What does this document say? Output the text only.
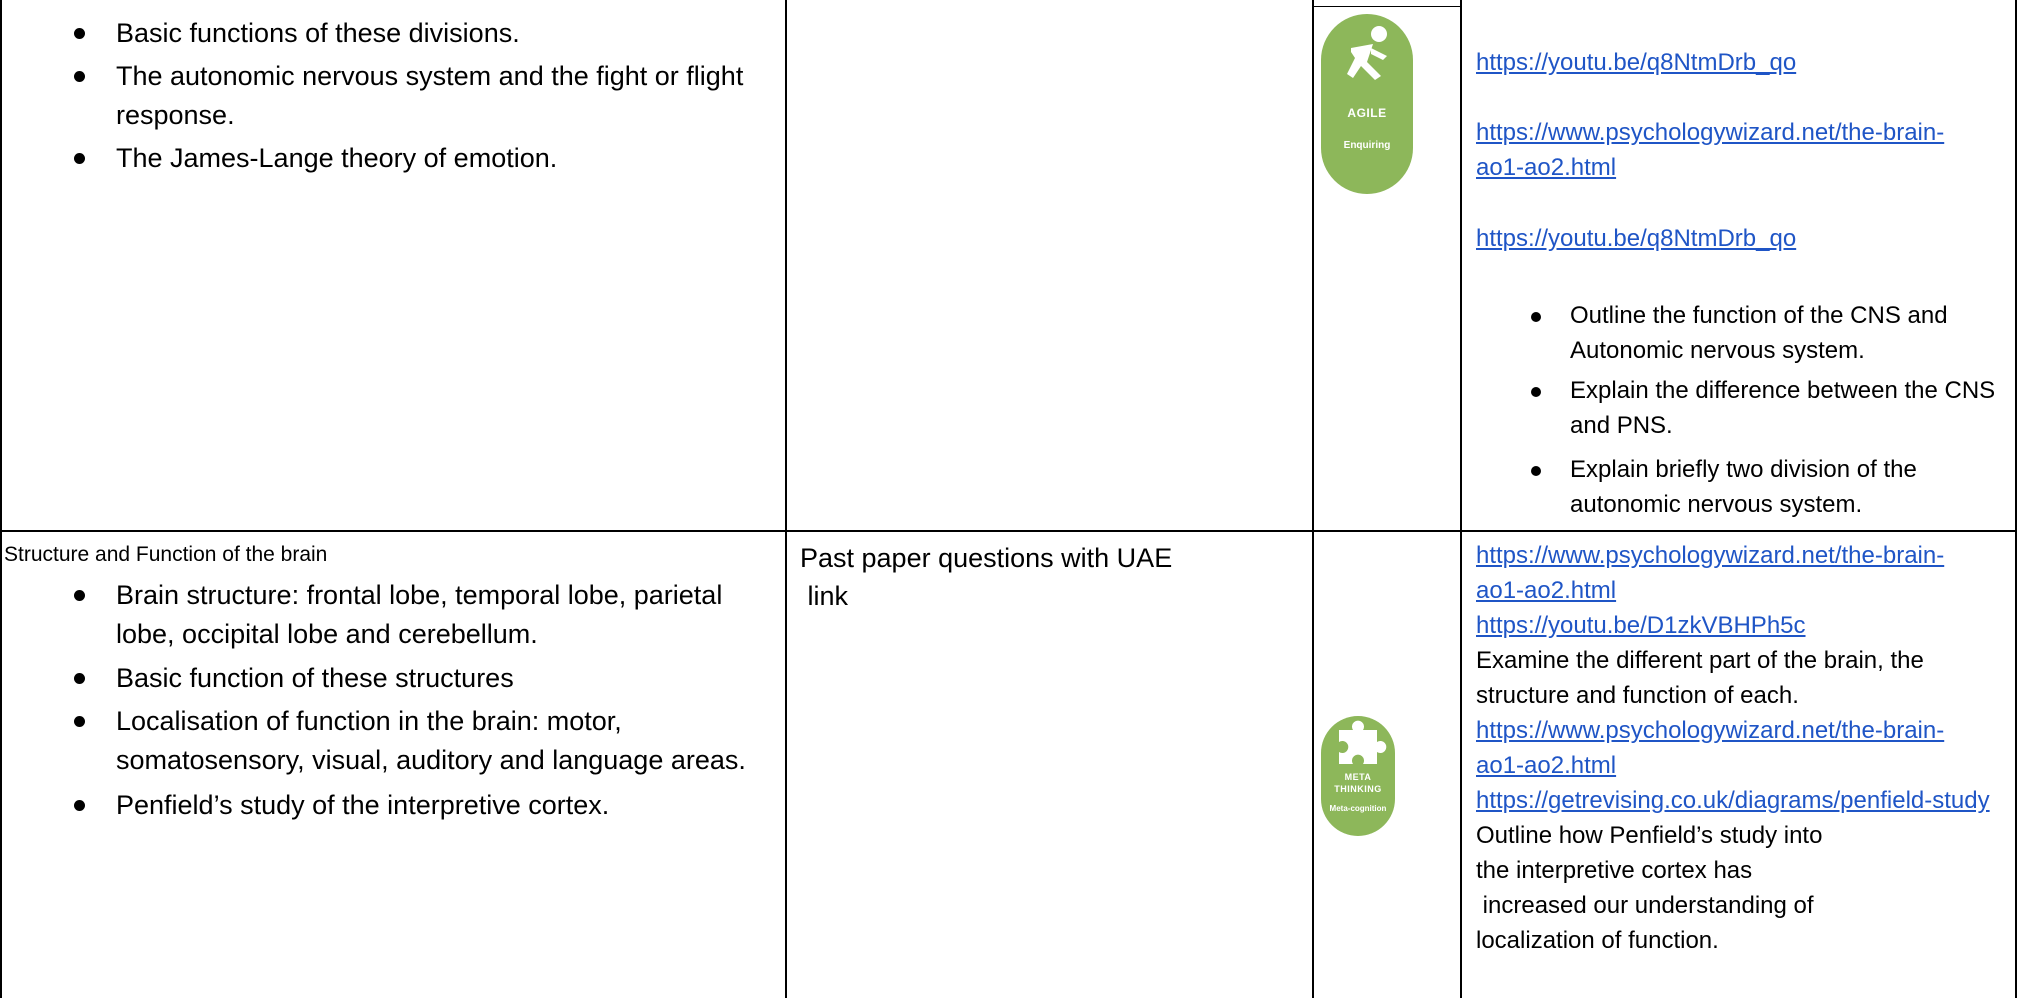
Basic functions of these divisions.
The autonomic nervous system and the fight or flight response.
The James-Lange theory of emotion.
AGILE
Enquiring
https://youtu.be/q8NtmDrb_qo
https://www.psychologywizard.net/the-brain-ao1-ao2.html
https://youtu.be/q8NtmDrb_qo
Outline the function of the CNS and Autonomic nervous system.
Explain the difference between the CNS and PNS.
Explain briefly two division of the autonomic nervous system.
Structure and Function of the brain
Brain structure: frontal lobe, temporal lobe, parietal lobe, occipital lobe and cerebellum.
Basic function of these structures
Localisation of function in the brain: motor, somatosensory, visual, auditory and language areas.
Penfield’s study of the interpretive cortex.
Past paper questions with UAE
link
META
THINKING
Meta-cognition
https://www.psychologywizard.net/the-brain-ao1-ao2.html
https://youtu.be/D1zkVBHPh5c
Examine the different part of the brain, the structure and function of each.
https://www.psychologywizard.net/the-brain-ao1-ao2.html
https://getrevising.co.uk/diagrams/penfield-study
Outline how Penfield’s study into
the interpretive cortex has
increased our understanding of
localization of function.
